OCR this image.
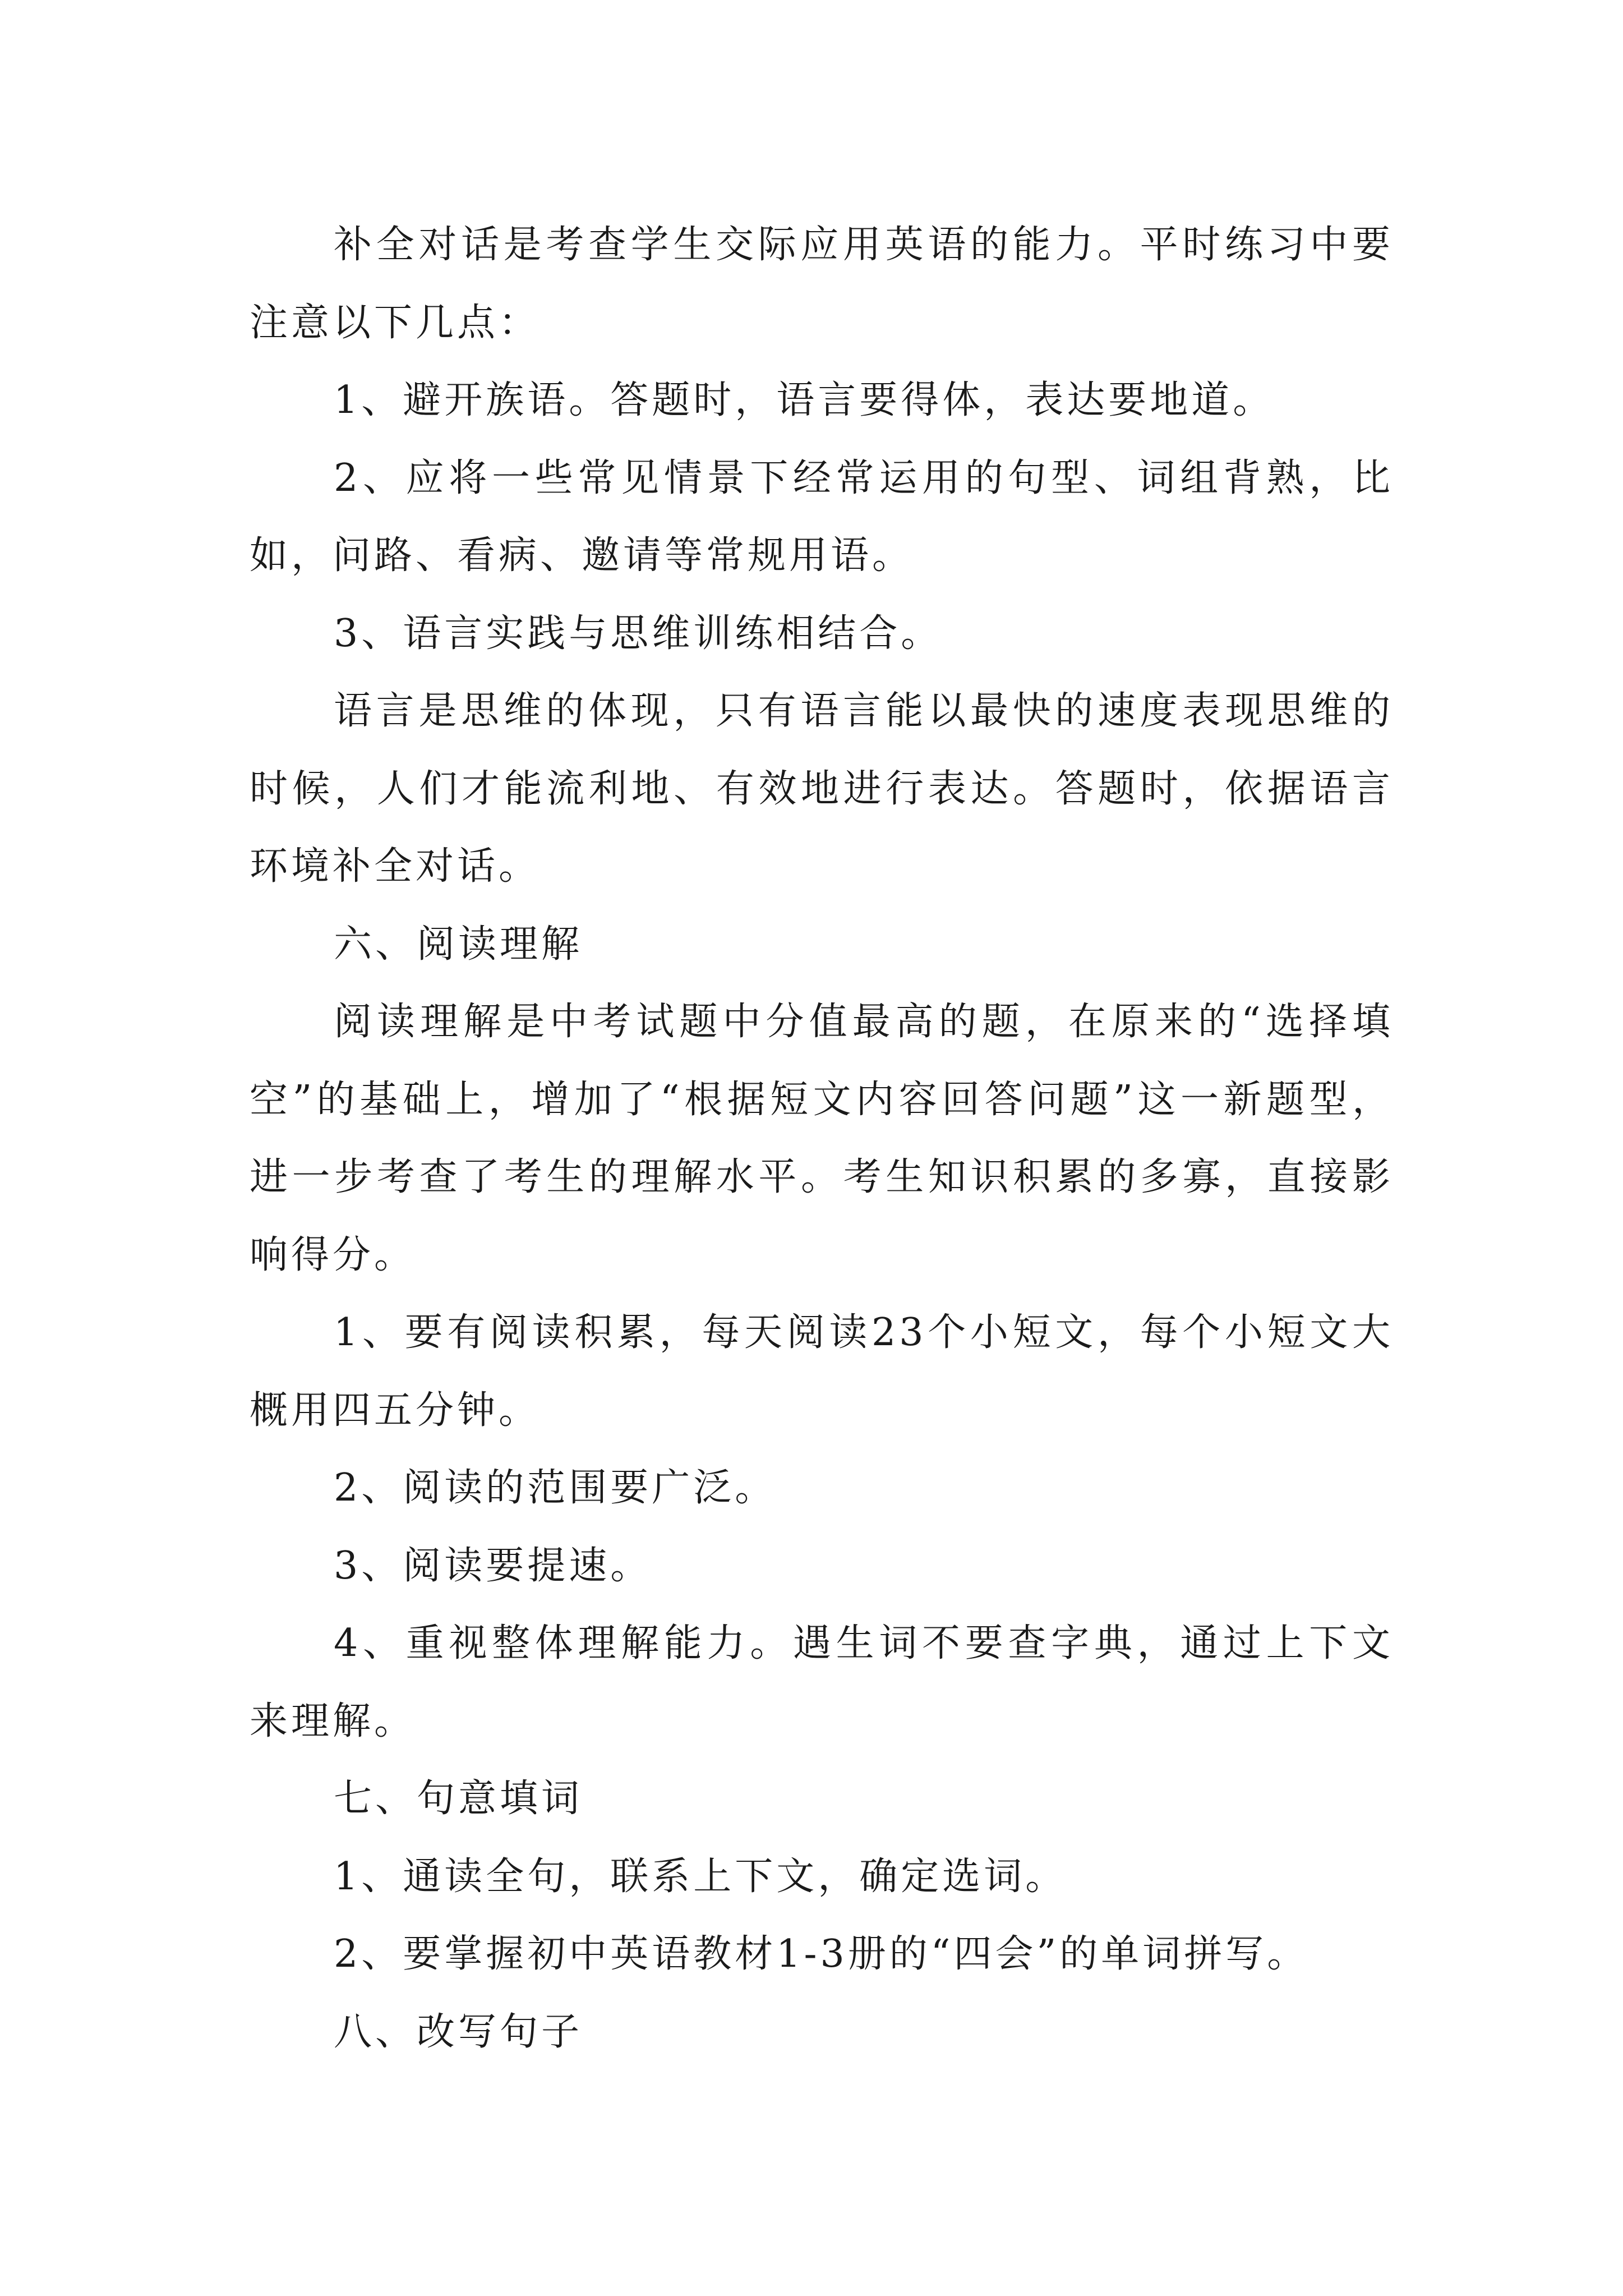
补全对话是考查学生交际应用英语的能力。平时练习中要注意以下几点：

1、避开族语。答题时，语言要得体，表达要地道。

2、应将一些常见情景下经常运用的句型、词组背熟，比如，问路、看病、邀请等常规用语。

3、语言实践与思维训练相结合。

语言是思维的体现，只有语言能以最快的速度表现思维的时候，人们才能流利地、有效地进行表达。答题时，依据语言环境补全对话。

六、阅读理解

阅读理解是中考试题中分值最高的题，在原来的“选择填空”的基础上，增加了“根据短文内容回答问题”这一新题型，进一步考查了考生的理解水平。考生知识积累的多寡，直接影响得分。

1、要有阅读积累，每天阅读23个小短文，每个小短文大概用四五分钟。

2、阅读的范围要广泛。

3、阅读要提速。

4、重视整体理解能力。遇生词不要查字典，通过上下文来理解。

七、句意填词

1、通读全句，联系上下文，确定选词。

2、要掌握初中英语教材1-3册的“四会”的单词拼写。

八、改写句子
